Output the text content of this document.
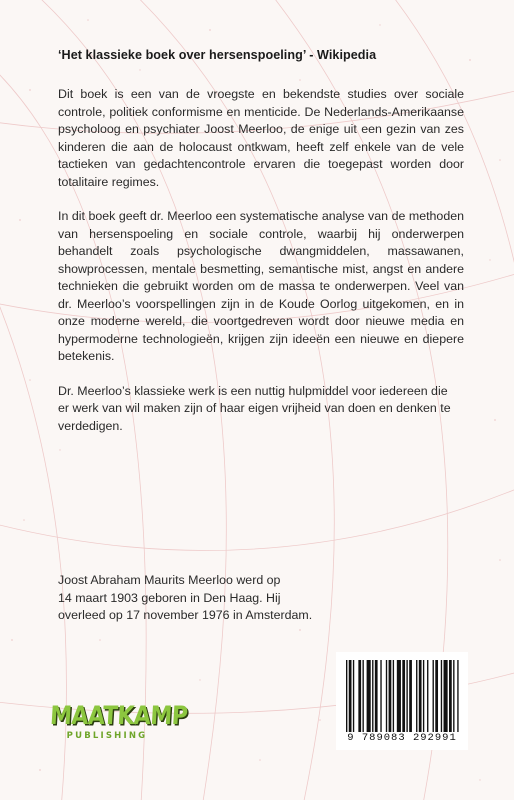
‘Het klassieke boek over hersenspoeling’ - Wikipedia

Dit boek is een van de vroegste en bekendste studies over sociale controle, politiek conformisme en menticide. De Nederlands-Amerikaanse psycholoog en psychiater Joost Meerloo, de enige uit een gezin van zes kinderen die aan de holocaust ontkwam, heeft zelf enkele van de vele tactieken van gedachtencontrole ervaren die toegepast worden door totalitaire regimes.

In dit boek geeft dr. Meerloo een systematische analyse van de methoden van hersenspoeling en sociale controle, waarbij hij onderwerpen behandelt zoals psychologische dwangmiddelen, massawanen, showprocessen, mentale besmetting, semantische mist, angst en andere technieken die gebruikt worden om de massa te onderwerpen. Veel van dr. Meerloo’s voorspellingen zijn in de Koude Oorlog uitgekomen, en in onze moderne wereld, die voortgedreven wordt door nieuwe media en hypermoderne technologieën, krijgen zijn ideeën een nieuwe en diepere betekenis.

Dr. Meerloo’s klassieke werk is een nuttig hulpmiddel voor iedereen die er werk van wil maken zijn of haar eigen vrijheid van doen en denken te verdedigen.

Joost Abraham Maurits Meerloo werd op
14 maart 1903 geboren in Den Haag. Hij
overleed op 17 november 1976 in Amsterdam.
MAATKAMP
PUBLISHING	9 789083 292991
